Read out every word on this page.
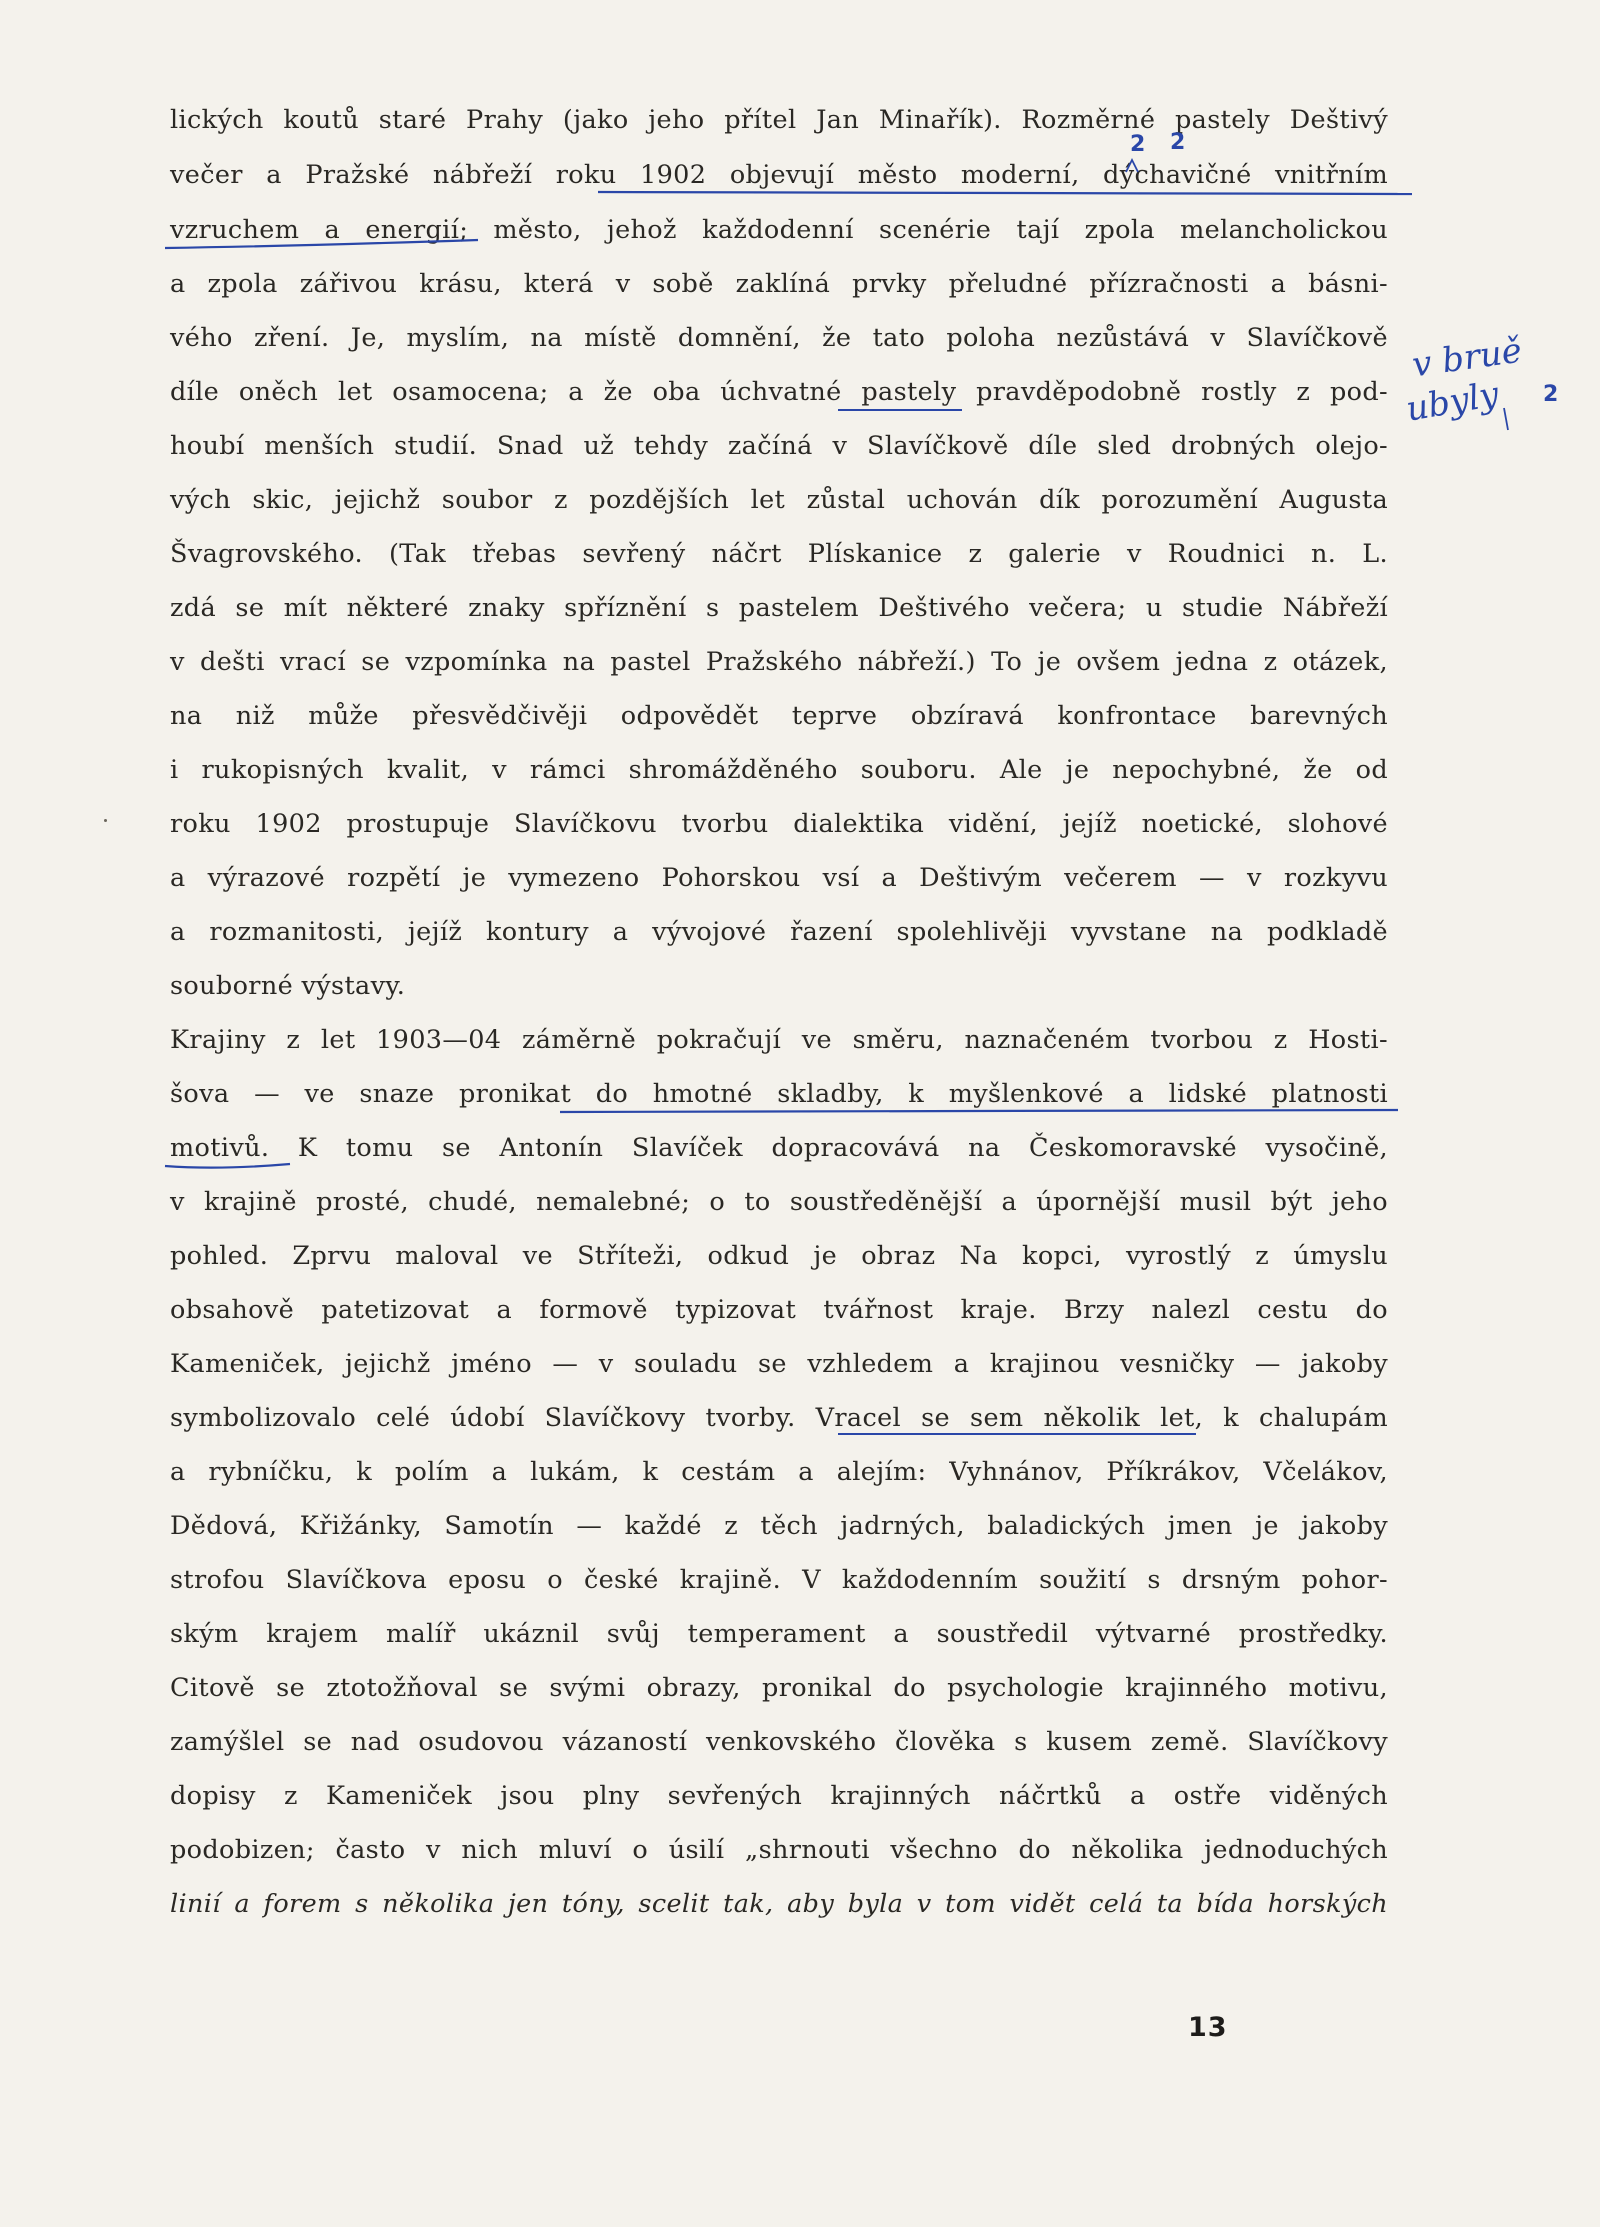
lických koutů staré Prahy (jako jeho přítel Jan Minařík). Rozměrné pastely Deštivý
večer a Pražské nábřeží roku 1902 objevují město moderní, dýchavičné vnitřním
vzruchem a energií; město, jehož každodenní scenérie tají zpola melancholickou
a zpola zářivou krásu, která v sobě zaklíná prvky přeludné přízračnosti a básni-
vého zření. Je, myslím, na místě domnění, že tato poloha nezůstává v Slavíčkově
díle oněch let osamocena; a že oba úchvatné pastely pravděpodobně rostly z pod-
houbí menších studií. Snad už tehdy začíná v Slavíčkově díle sled drobných olejo-
vých skic, jejichž soubor z pozdějších let zůstal uchován dík porozumění Augusta
Švagrovského. (Tak třebas sevřený náčrt Plískanice z galerie v Roudnici n. L.
zdá se mít některé znaky spříznění s pastelem Deštivého večera; u studie Nábřeží
v dešti vrací se vzpomínka na pastel Pražského nábřeží.) To je ovšem jedna z otázek,
na niž může přesvědčivěji odpovědět teprve obzíravá konfrontace barevných
i rukopisných kvalit, v rámci shromážděného souboru. Ale je nepochybné, že od
roku 1902 prostupuje Slavíčkovu tvorbu dialektika vidění, jejíž noetické, slohové
a výrazové rozpětí je vymezeno Pohorskou vsí a Deštivým večerem — v rozkyvu
a rozmanitosti, jejíž kontury a vývojové řazení spolehlivěji vyvstane na podkladě
souborné výstavy.
Krajiny z let 1903—04 záměrně pokračují ve směru, naznačeném tvorbou z Hosti-
šova — ve snaze pronikat do hmotné skladby, k myšlenkové a lidské platnosti
motivů. K tomu se Antonín Slavíček dopracovává na Českomoravské vysočině,
v krajině prosté, chudé, nemalebné; o to soustředěnější a úpornější musil být jeho
pohled. Zprvu maloval ve Stříteži, odkud je obraz Na kopci, vyrostlý z úmyslu
obsahově patetizovat a formově typizovat tvářnost kraje. Brzy nalezl cestu do
Kameniček, jejichž jméno — v souladu se vzhledem a krajinou vesničky — jakoby
symbolizovalo celé údobí Slavíčkovy tvorby. Vracel se sem několik let, k chalupám
a rybníčku, k polím a lukám, k cestám a alejím: Vyhnánov, Příkrákov, Včelákov,
Dědová, Křižánky, Samotín — každé z těch jadrných, baladických jmen je jakoby
strofou Slavíčkova eposu o české krajině. V každodenním soužití s drsným pohor-
ským krajem malíř ukáznil svůj temperament a soustředil výtvarné prostředky.
Citově se ztotožňoval se svými obrazy, pronikal do psychologie krajinného motivu,
zamýšlel se nad osudovou vázaností venkovského člověka s kusem země. Slavíčkovy
dopisy z Kameniček jsou plny sevřených krajinných náčrtků a ostře viděných
podobizen; často v nich mluví o úsilí „shrnouti všechno do několika jednoduchých
linií a forem s několika jen tóny, scelit tak, aby byla v tom vidět celá ta bída horských
2 2
v bruě
ubyly 2
13
